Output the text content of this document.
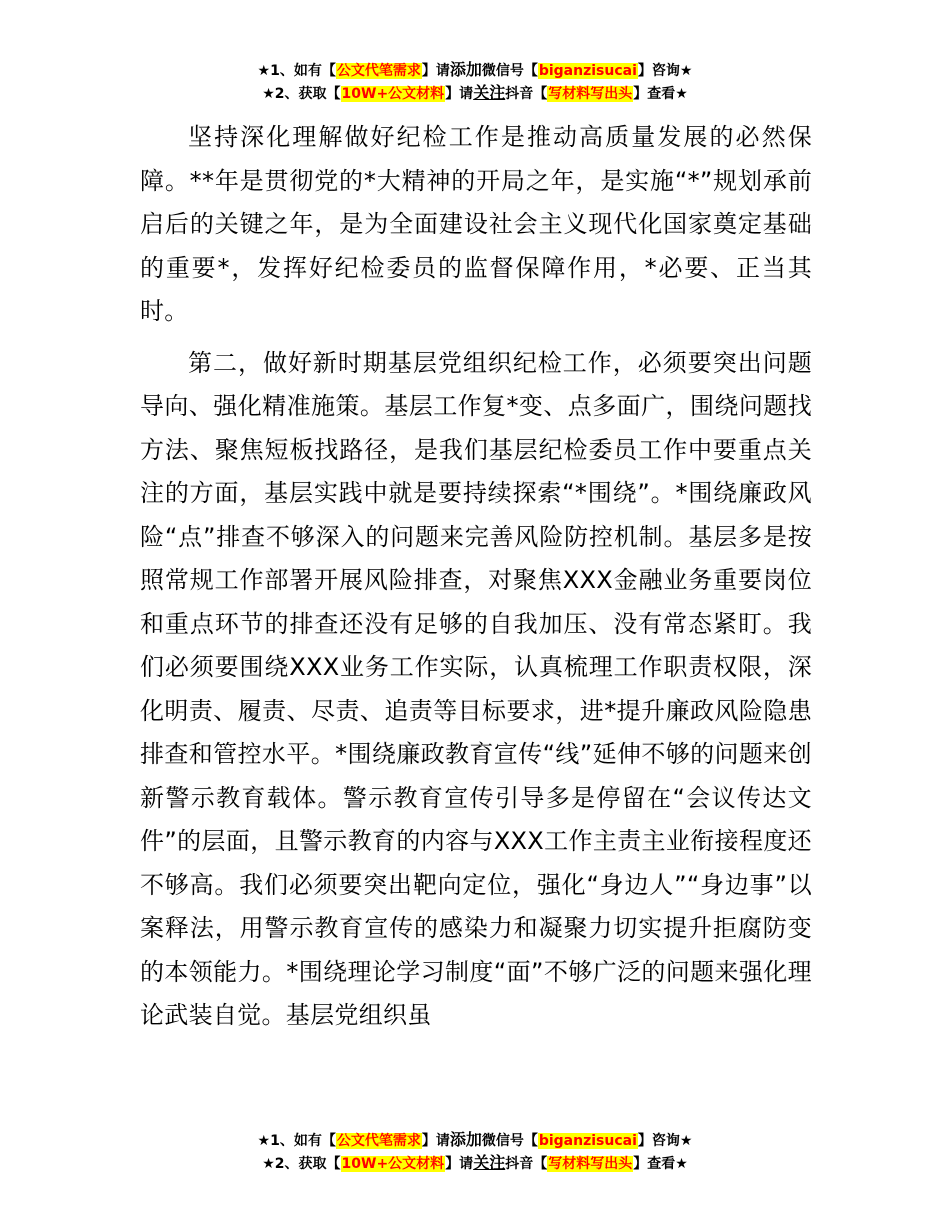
★1、如有【公文代笔需求】请添加微信号【biganzisucai】咨询★
★2、获取【10W+公文材料】请关注抖音【写材料写出头】查看★

坚持深化理解做好纪检工作是推动高质量发展的必然保障。**年是贯彻党的*大精神的开局之年，是实施“*”规划承前启后的关键之年，是为全面建设社会主义现代化国家奠定基础的重要*，发挥好纪检委员的监督保障作用，*必要、正当其时。

第二，做好新时期基层党组织纪检工作，必须要突出问题导向、强化精准施策。基层工作复*变、点多面广，围绕问题找方法、聚焦短板找路径，是我们基层纪检委员工作中要重点关注的方面，基层实践中就是要持续探索“*围绕”。*围绕廉政风险“点”排查不够深入的问题来完善风险防控机制。基层多是按照常规工作部署开展风险排查，对聚焦XXX金融业务重要岗位和重点环节的排查还没有足够的自我加压、没有常态紧盯。我们必须要围绕XXX业务工作实际，认真梳理工作职责权限，深化明责、履责、尽责、追责等目标要求，进*提升廉政风险隐患排查和管控水平。*围绕廉政教育宣传“线”延伸不够的问题来创新警示教育载体。警示教育宣传引导多是停留在“会议传达文件”的层面，且警示教育的内容与XXX工作主责主业衔接程度还不够高。我们必须要突出靶向定位，强化“身边人”“身边事”以案释法，用警示教育宣传的感染力和凝聚力切实提升拒腐防变的本领能力。*围绕理论学习制度“面”不够广泛的问题来强化理论武装自觉。基层党组织虽

★1、如有【公文代笔需求】请添加微信号【biganzisucai】咨询★
★2、获取【10W+公文材料】请关注抖音【写材料写出头】查看★
